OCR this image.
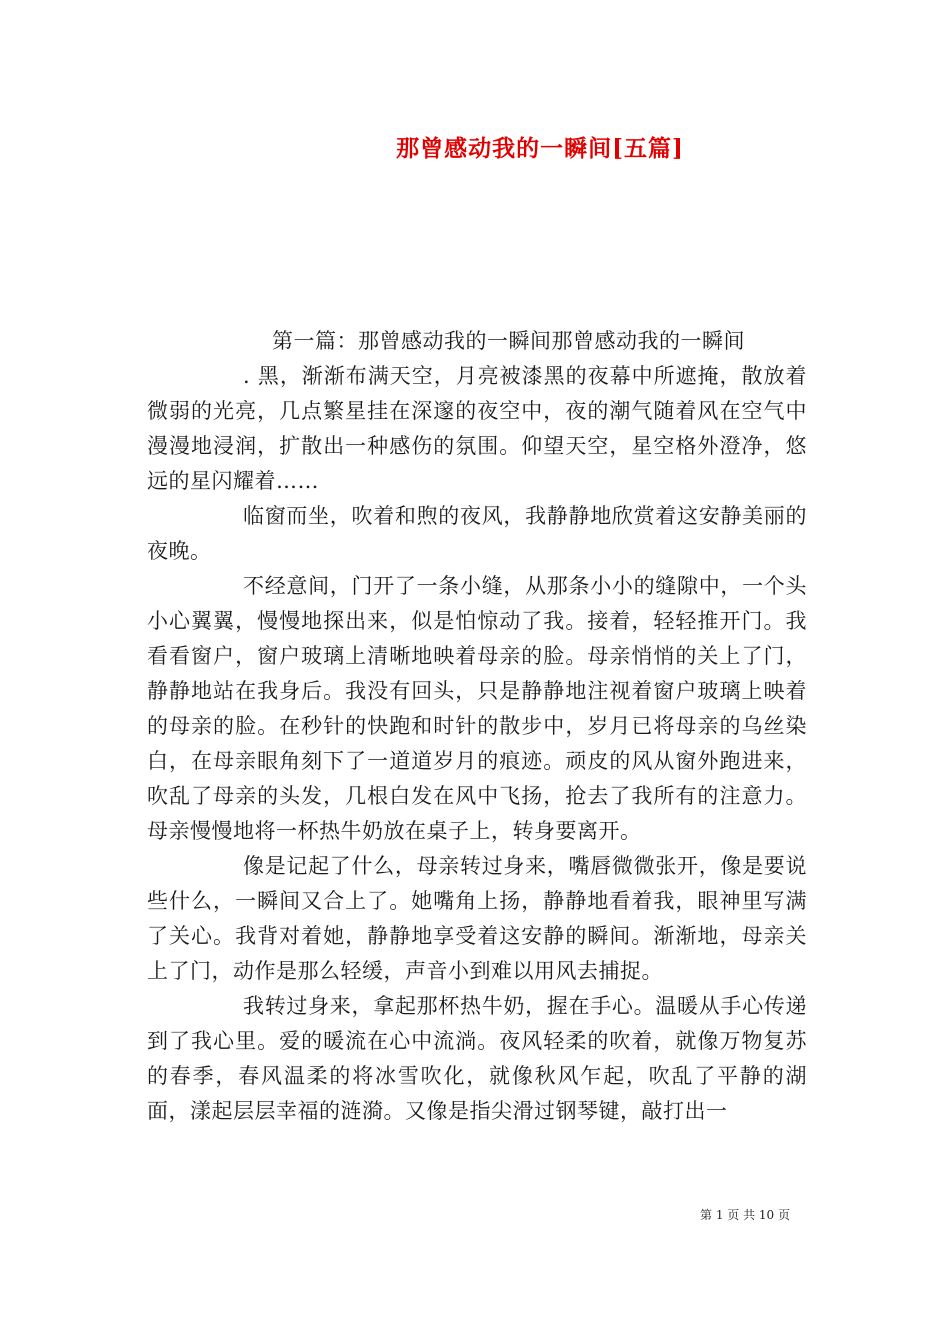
那曾感动我的一瞬间[五篇]

第一篇：那曾感动我的一瞬间那曾感动我的一瞬间

. 黑，渐渐布满天空，月亮被漆黑的夜幕中所遮掩，散放着微弱的光亮，几点繁星挂在深邃的夜空中，夜的潮气随着风在空气中漫漫地浸润，扩散出一种感伤的氛围。仰望天空，星空格外澄净，悠远的星闪耀着……

临窗而坐，吹着和煦的夜风，我静静地欣赏着这安静美丽的夜晚。

不经意间，门开了一条小缝，从那条小小的缝隙中，一个头小心翼翼，慢慢地探出来，似是怕惊动了我。接着，轻轻推开门。我看看窗户，窗户玻璃上清晰地映着母亲的脸。母亲悄悄的关上了门，静静地站在我身后。我没有回头，只是静静地注视着窗户玻璃上映着的母亲的脸。在秒针的快跑和时针的散步中，岁月已将母亲的乌丝染白，在母亲眼角刻下了一道道岁月的痕迹。顽皮的风从窗外跑进来，吹乱了母亲的头发，几根白发在风中飞扬，抢去了我所有的注意力。母亲慢慢地将一杯热牛奶放在桌子上，转身要离开。

像是记起了什么，母亲转过身来，嘴唇微微张开，像是要说些什么，一瞬间又合上了。她嘴角上扬，静静地看着我，眼神里写满了关心。我背对着她，静静地享受着这安静的瞬间。渐渐地，母亲关上了门，动作是那么轻缓，声音小到难以用风去捕捉。

我转过身来，拿起那杯热牛奶，握在手心。温暖从手心传递到了我心里。爱的暖流在心中流淌。夜风轻柔的吹着，就像万物复苏的春季，春风温柔的将冰雪吹化，就像秋风乍起，吹乱了平静的湖面，漾起层层幸福的涟漪。又像是指尖滑过钢琴键，敲打出一

第 1 页 共 10 页
